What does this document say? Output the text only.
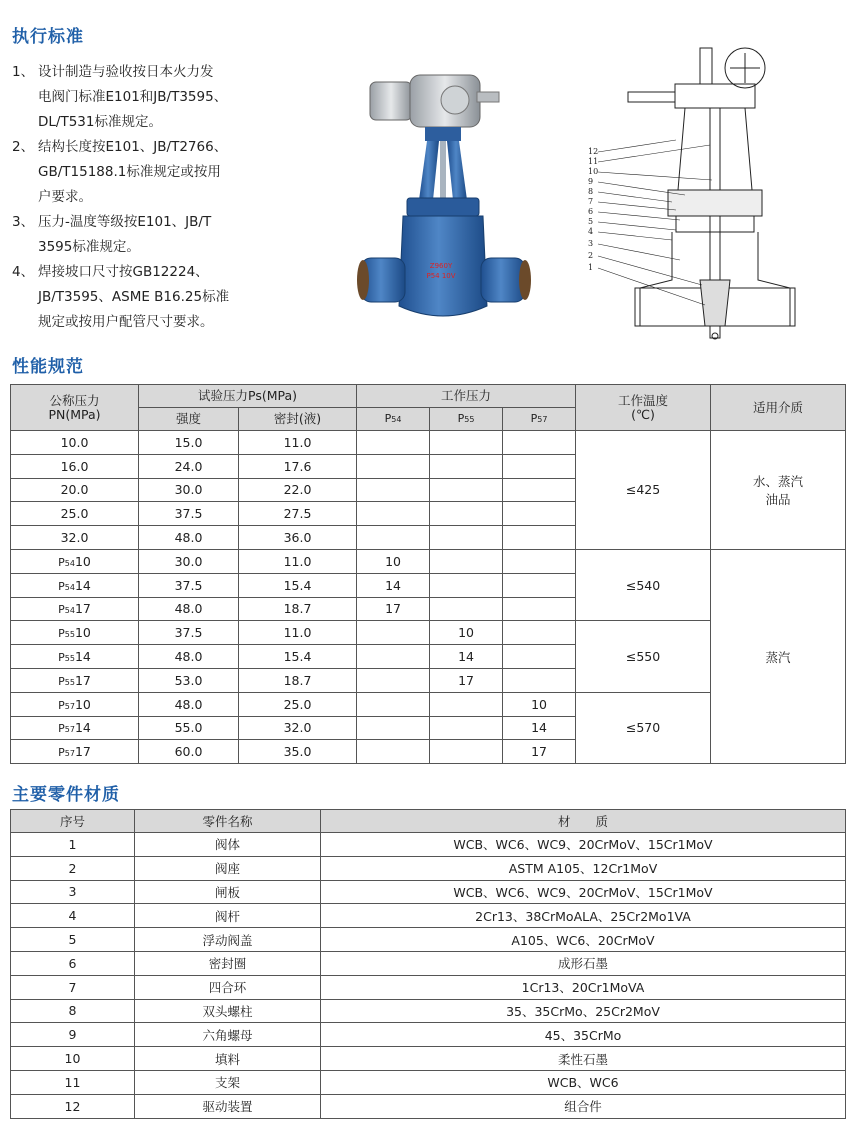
执行标准
1、 设计制造与验收按日本火力发
电阀门标准E101和JB/T3595、
DL/T531标准规定。
2、 结构长度按E101、JB/T2766、
GB/T15188.1标准规定或按用
户要求。
3、 压力-温度等级按E101、JB/T
3595标准规定。
4、 焊接坡口尺寸按GB12224、
JB/T3595、ASME B16.25标准
规定或按用户配管尺寸要求。
Z960Y
P54 10V
12
11
10
9
8
7
6
5
4
3
2
1
性能规范
公称压力
PN(MPa)	试验压力Ps(MPa)		工作压力			工作温度
(℃)	适用介质
	强度	密封(液)	P54	P55	P57		
10.0	15.0	11.0				≤425	水、蒸汽
油品

16.0	24.0	17.6					
20.0	30.0	22.0					
25.0	37.5	27.5					
32.0	48.0	36.0					
P5410	30.0	11.0	10			≤540	蒸汽
P5414	37.5	15.4	14				
P5417	48.0	18.7	17				
P5510	37.5	11.0		10		≤550	
P5514	48.0	15.4		14			
P5517	53.0	18.7		17			
P5710	48.0	25.0			10	≤570	
P5714	55.0	32.0			14		
P5717	60.0	35.0			17		
主要零件材质
序号	零件名称	材　　质
1	阀体	WCB、WC6、WC9、20CrMoV、15Cr1MoV
2	阀座	ASTM A105、12Cr1MoV
3	闸板	WCB、WC6、WC9、20CrMoV、15Cr1MoV
4	阀杆	2Cr13、38CrMoALA、25Cr2Mo1VA
5	浮动阀盖	A105、WC6、20CrMoV
6	密封圈	成形石墨
7	四合环	1Cr13、20Cr1MoVA
8	双头螺柱	35、35CrMo、25Cr2MoV
9	六角螺母	45、35CrMo
10	填料	柔性石墨
11	支架	WCB、WC6
12	驱动装置	组合件
